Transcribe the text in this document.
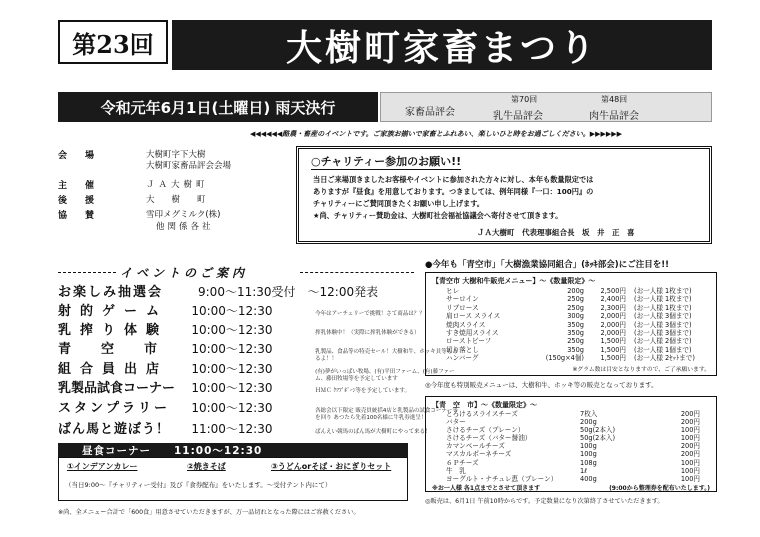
第23回	大樹町家畜まつり
令和元年6月1日(土曜日) 雨天決行	家畜品評会
第70回
乳牛品評会
第48回
肉牛品評会
◀◀◀◀◀◀酪農・畜産のイベントです。ご家族お揃いで家畜とふれあい、楽しいひと時をお過ごしください。▶▶▶▶▶▶
会　　場	大樹町字下大樹
大樹町家畜品評会会場
主　　催	ＪＡ大樹町
後　　援	大　　樹　　町
協　　賛	雪印メグミルク(株)
他関係各社
○チャリティー参加のお願い!!
当日ご来場頂きましたお客様やイベントに参加された方々に対し、本年も数量限定では
ありますが『昼食』を用意しております。つきましては、例年同様『一口：100円』の
チャリティーにご賛同頂きたくお願い申し上げます。
★尚、チャリティー賛助金は、大樹町社会福祉協議会へ寄付させて頂きます。
ＪＡ大樹町　代表理事組合長　坂　井　正　喜
イベントのご案内
お楽しみ抽選会	9:00～11:30受付　～12:00発表
射的ゲーム	10:00～12:30	今年はアーチェリーで挑戦！さて商品は？？
乳搾り体験	10:00～12:30	搾乳体験中！（実際に搾乳体験ができる）
青空市 10:00～12:30	乳製品、食品等の特売セール！大樹和牛、ホッキ貝等もあるよ！！
組合員出店	10:00～12:30	(有)夢がいっぱい牧場、(有)平田ファーム、(有)藤ファーム、藤田牧場等を予定しています
乳製品試食コーナー	10:00～12:30	ＨＭＣ ｸﾂﾌﾟﾎﾟｰﾝ等を予定しています。
スタンプラリー	10:00～12:30	各総会以下限定 販売員統括4店と乳製品の試食コーナー等を回り あつたら先着100名様に牛乳券進呈！
ばん馬と遊ぼう！	11:00～12:30	ばんえい競馬のばん馬が大樹町にやって来る！
昼食コーナー　　11:00～12:30
①インデアンカレー	②焼きそば	③うどんorそば・おにぎりセット
（当日9:00～『チャリティー受付』及び『食券配布』をいたします。～受付テント内にて）
※尚、全メニュー合計で「600食」用意させていただきますが、万一品切れとなった際にはご容赦ください。
●今年も「青空市」「大樹漁業協同組合」(ﾎｯｷ部会)にご注目を!!
【青空市 大樹和牛販売メニュー】～《数量限定》～
ヒレ	200g	2,500円	(お一人様 1枚まで)
サーロイン	250g	2,400円	(お一人様 1枚まで)
リブロース	250g	2,300円	(お一人様 1枚まで)
肩ロース スライス	300g	2,000円	(お一人様 3個まで)
焼肉スライス	350g	2,000円	(お一人様 3個まで)
すき焼用スライス	350g	2,000円	(お一人様 3個まで)
ローストビーフ	250g	1,500円	(お一人様 2個まで)
切り落とし	350g	1,500円	(お一人様 1個まで)
ハンバーグ	(150g×4個)	1,500円	(お一人様 2ｾｯﾄまで)
※グラム数は目安となりますので、ご了承願います。
◎今年度も特別販売メニューは、大樹和牛、ホッキ等の販売となっております。
【青　空　市】～《数量限定》～
とろけるスライスチーズ	7枚入	200円
バター	200g	200円
さけるチーズ（プレーン）	50g(2本入)	100円
さけるチーズ（バター醤油）	50g(2本入)	100円
カマンベールチーズ	100g	200円
マスカルポーネチーズ	100g	200円
６Ｐチーズ	108g	100円
牛　乳	1ℓ	100円
ヨーグルト・ナチュレ恵（プレーン）	400g	100円
※お一人様 各1点までとさせて頂きます	(9:00から整理券を配布いたします。)
◎販売は、6月1日 午前10時からです。予定数量になり次第終了させていただきます。
